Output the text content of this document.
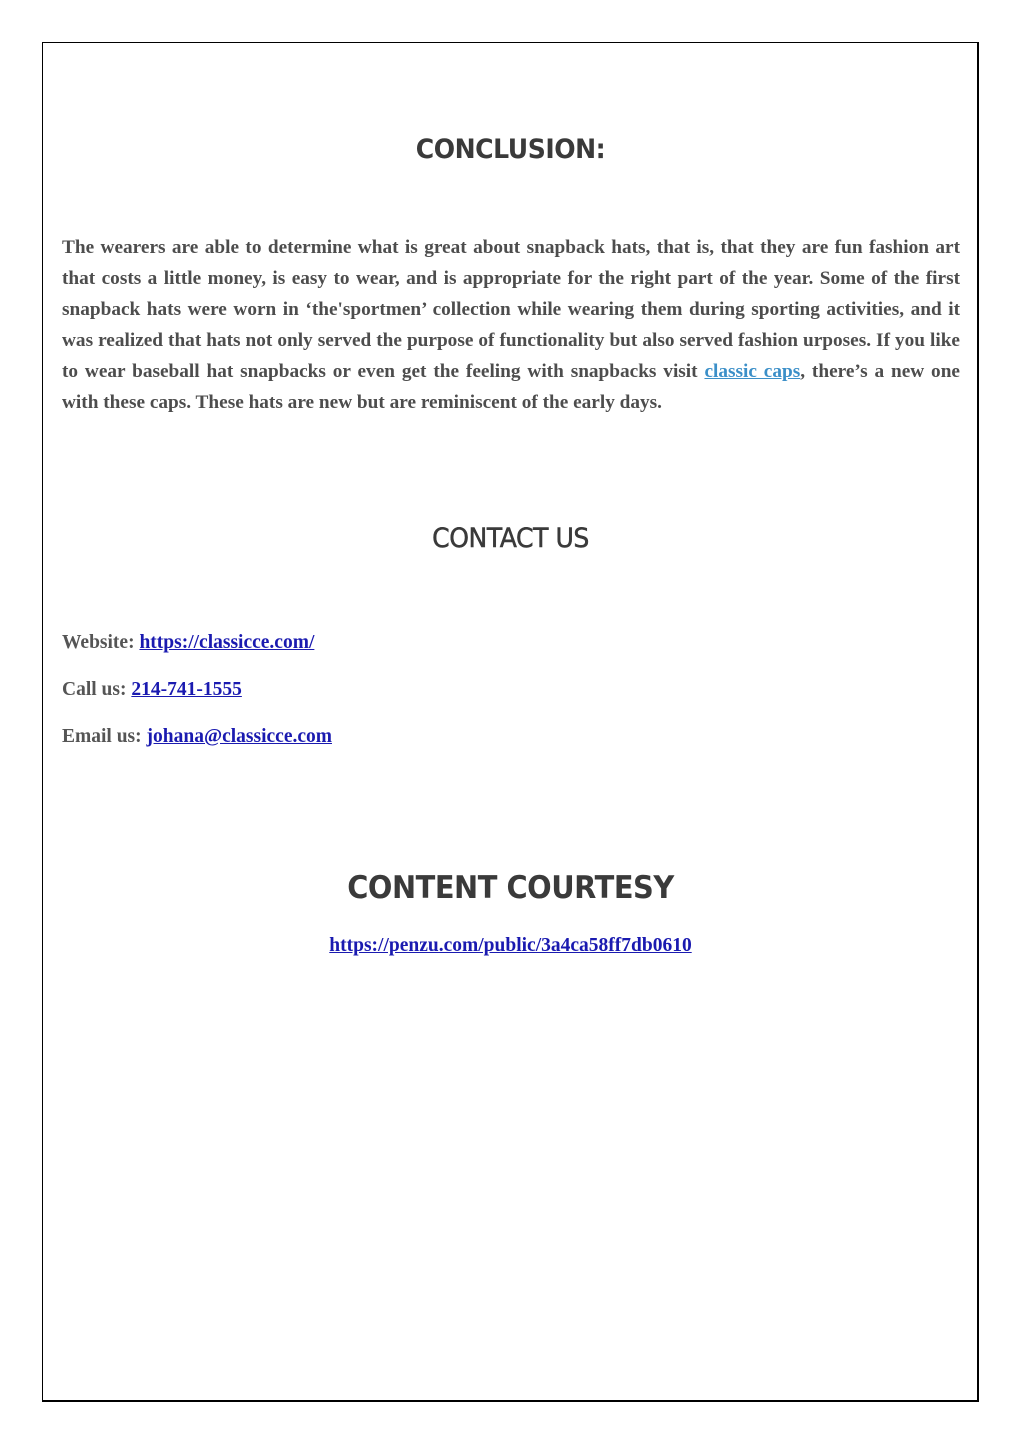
CONCLUSION:

The wearers are able to determine what is great about snapback hats, that is, that they are fun fashion art that costs a little money, is easy to wear, and is appropriate for the right part of the year. Some of the first snapback hats were worn in ‘the'sportmen’ collection while wearing them during sporting activities, and it was realized that hats not only served the purpose of functionality but also served fashion urposes. If you like to wear baseball hat snapbacks or even get the feeling with snapbacks visit classic caps, there’s a new one with these caps. These hats are new but are reminiscent of the early days.

CONTACT US

Website: https://classicce.com/

Call us: 214-741-1555

Email us: johana@classicce.com

CONTENT COURTESY

https://penzu.com/public/3a4ca58ff7db0610
